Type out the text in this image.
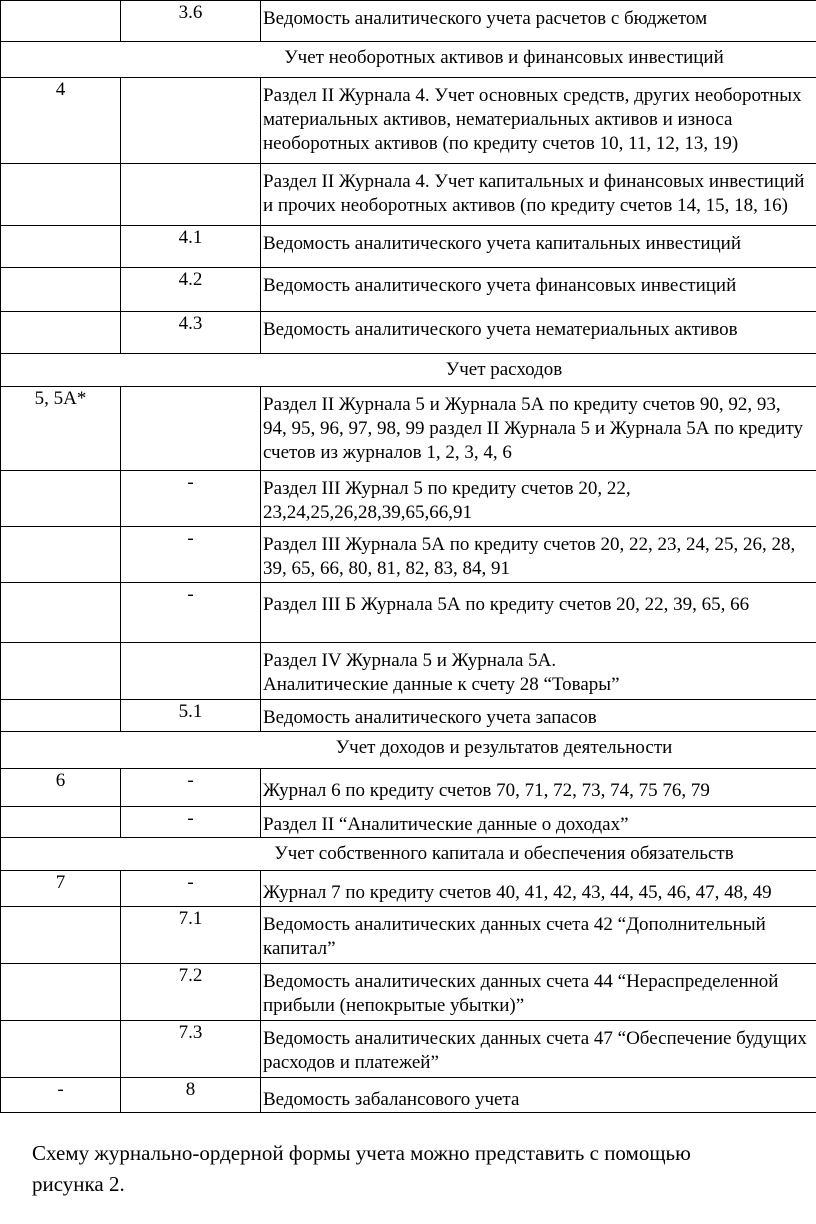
	3.6	Ведомость аналитического учета расчетов с бюджетом

Учет необоротных активов и финансовых инвестиций		

4		Раздел II Журнала 4. Учет основных средств, других необоротных
материальных активов, нематериальных активов и износа
необоротных активов (по кредиту счетов 10, 11, 12, 13, 19)

		Раздел II Журнала 4. Учет капитальных и финансовых инвестиций
и прочих необоротных активов (по кредиту счетов 14, 15, 18, 16)

	4.1	Ведомость аналитического учета капитальных инвестиций

	4.2	Ведомость аналитического учета финансовых инвестиций

	4.3	Ведомость аналитического учета нематериальных активов

Учет расходов		

5, 5А*		Раздел II Журнала 5 и Журнала 5А по кредиту счетов 90, 92, 93,
94, 95, 96, 97, 98, 99 раздел II Журнала 5 и Журнала 5А по кредиту
счетов из журналов 1, 2, 3, 4, 6

	-	Раздел III Журнал 5 по кредиту счетов 20, 22,
23,24,25,26,28,39,65,66,91

	-	Раздел III Журнала 5А по кредиту счетов 20, 22, 23, 24, 25, 26, 28,
39, 65, 66, 80, 81, 82, 83, 84, 91

	-	Раздел III Б Журнала 5А по кредиту счетов 20, 22, 39, 65, 66

		Раздел IV Журнала 5 и Журнала 5А.
Аналитические данные к счету 28 “Товары”

	5.1	Ведомость аналитического учета запасов

Учет доходов и результатов деятельности		

6	-	Журнал 6 по кредиту счетов 70, 71, 72, 73, 74, 75 76, 79

	-	Раздел II “Аналитические данные о доходах”

Учет собственного капитала и обеспечения обязательств		

7	-	Журнал 7 по кредиту счетов 40, 41, 42, 43, 44, 45, 46, 47, 48, 49

	7.1	Ведомость аналитических данных счета 42 “Дополнительный
капитал”

	7.2	Ведомость аналитических данных счета 44 “Нераспределенной
прибыли (непокрытые убытки)”

	7.3	Ведомость аналитических данных счета 47 “Обеспечение будущих
расходов и платежей”

-	8	Ведомость забалансового учета

Схему журнально-ордерной формы учета можно представить с помощью
рисунка 2.
